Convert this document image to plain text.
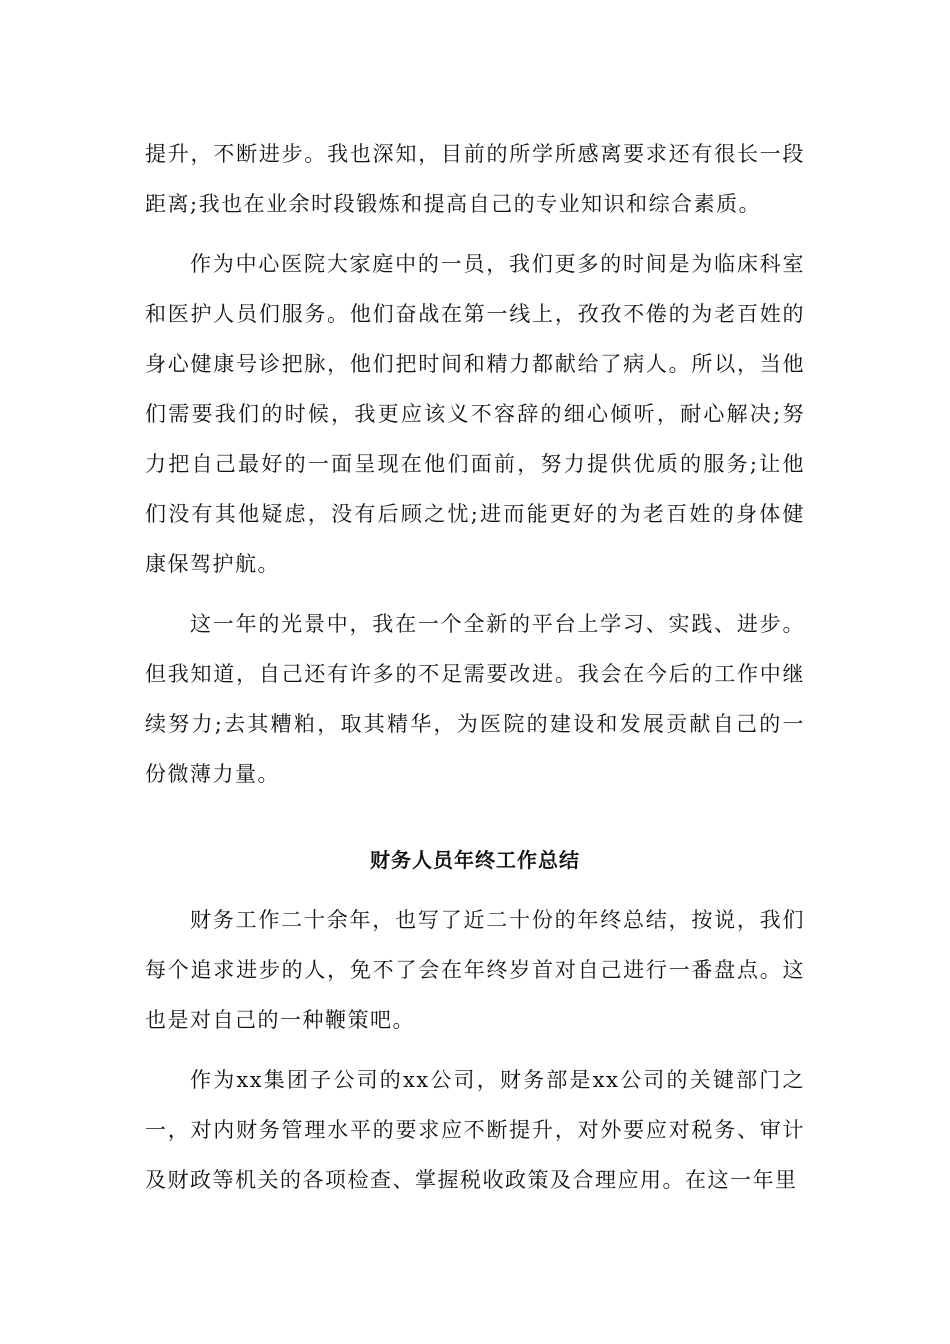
提升，不断进步。我也深知，目前的所学所感离要求还有很长一段距离;我也在业余时段锻炼和提高自己的专业知识和综合素质。

作为中心医院大家庭中的一员，我们更多的时间是为临床科室和医护人员们服务。他们奋战在第一线上，孜孜不倦的为老百姓的身心健康号诊把脉，他们把时间和精力都献给了病人。所以，当他们需要我们的时候，我更应该义不容辞的细心倾听，耐心解决;努力把自己最好的一面呈现在他们面前，努力提供优质的服务;让他们没有其他疑虑，没有后顾之忧;进而能更好的为老百姓的身体健康保驾护航。

这一年的光景中，我在一个全新的平台上学习、实践、进步。但我知道，自己还有许多的不足需要改进。我会在今后的工作中继续努力;去其糟粕，取其精华，为医院的建设和发展贡献自己的一份微薄力量。

财务人员年终工作总结

财务工作二十余年，也写了近二十份的年终总结，按说，我们每个追求进步的人，免不了会在年终岁首对自己进行一番盘点。这也是对自己的一种鞭策吧。

作为xx集团子公司的xx公司，财务部是xx公司的关键部门之一，对内财务管理水平的要求应不断提升，对外要应对税务、审计及财政等机关的各项检查、掌握税收政策及合理应用。在这一年里
